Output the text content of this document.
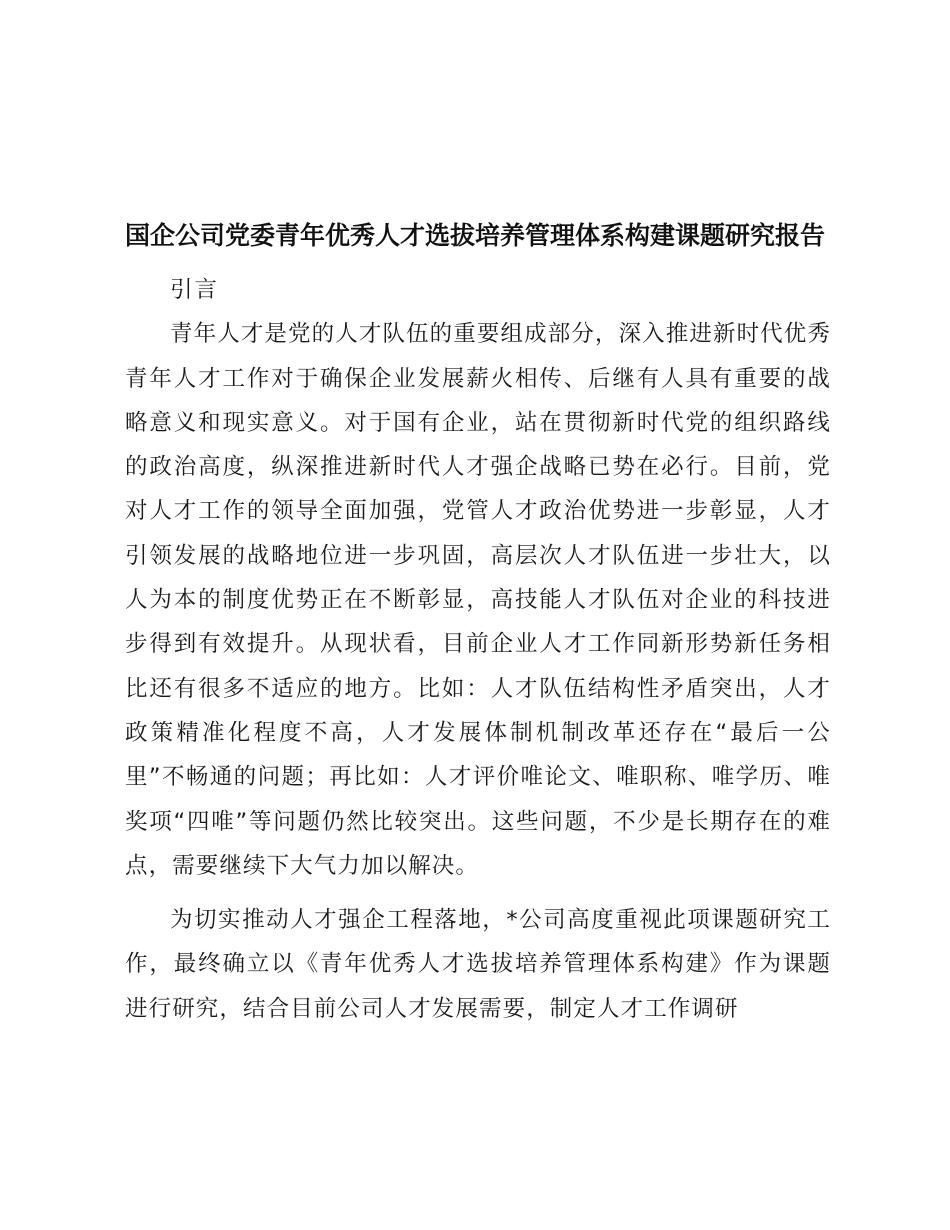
国企公司党委青年优秀人才选拔培养管理体系构建课题研究报告

引言

青年人才是党的人才队伍的重要组成部分，深入推进新时代优秀青年人才工作对于确保企业发展薪火相传、后继有人具有重要的战略意义和现实意义。对于国有企业，站在贯彻新时代党的组织路线的政治高度，纵深推进新时代人才强企战略已势在必行。目前，党对人才工作的领导全面加强，党管人才政治优势进一步彰显，人才引领发展的战略地位进一步巩固，高层次人才队伍进一步壮大，以人为本的制度优势正在不断彰显，高技能人才队伍对企业的科技进步得到有效提升。从现状看，目前企业人才工作同新形势新任务相比还有很多不适应的地方。比如：人才队伍结构性矛盾突出，人才政策精准化程度不高，人才发展体制机制改革还存在“最后一公里”不畅通的问题；再比如：人才评价唯论文、唯职称、唯学历、唯奖项“四唯”等问题仍然比较突出。这些问题，不少是长期存在的难点，需要继续下大气力加以解决。

为切实推动人才强企工程落地，*公司高度重视此项课题研究工作，最终确立以《青年优秀人才选拔培养管理体系构建》作为课题进行研究，结合目前公司人才发展需要，制定人才工作调研
